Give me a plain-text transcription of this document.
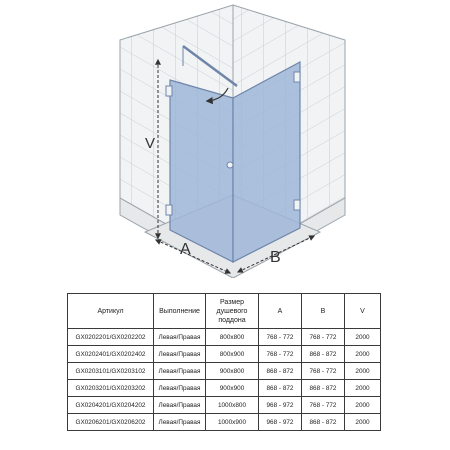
V
A	B
Артикул	Выполнение	Размер душевого поддона	A	B	V
GX0202201/GX0202202	Левая/Правая	800x800	768 - 772	768 - 772	2000
GX0202401/GX0202402	Левая/Правая	800x900	768 - 772	868 - 872	2000
GX0203101/GX0203102	Левая/Правая	900x800	868 - 872	768 - 772	2000
GX0203201/GX0203202	Левая/Правая	900x900	868 - 872	868 - 872	2000
GX0204201/GX0204202	Левая/Правая	1000x800	968 - 972	768 - 772	2000
GX0206201/GX0206202	Левая/Правая	1000x900	968 - 972	868 - 872	2000
